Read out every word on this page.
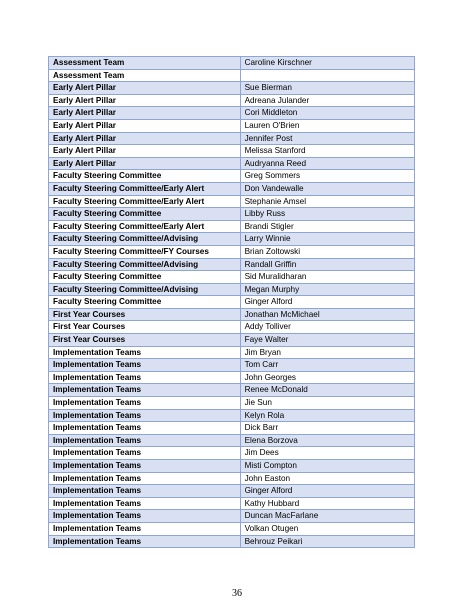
Assessment Team	Caroline Kirschner
Assessment Team	
Early Alert Pillar	Sue Bierman
Early Alert Pillar	Adreana Julander
Early Alert Pillar	Cori Middleton
Early Alert Pillar	Lauren O'Brien
Early Alert Pillar	Jennifer Post
Early Alert Pillar	Melissa Stanford
Early Alert Pillar	Audryanna Reed
Faculty Steering Committee	Greg Sommers
Faculty Steering Committee/Early Alert	Don Vandewalle
Faculty Steering Committee/Early Alert	Stephanie Amsel
Faculty Steering Committee	Libby Russ
Faculty Steering Committee/Early Alert	Brandi Stigler
Faculty Steering Committee/Advising	Larry Winnie
Faculty Steering Committee/FY Courses	Brian Zoltowski
Faculty Steering Committee/Advising	Randall Griffin
Faculty Steering Committee	Sid Muralidharan
Faculty Steering Committee/Advising	Megan Murphy
Faculty Steering Committee	Ginger Alford
First Year Courses	Jonathan McMichael
First Year Courses	Addy Tolliver
First Year Courses	Faye Walter
Implementation Teams	Jim Bryan
Implementation Teams	Tom Carr
Implementation Teams	John Georges
Implementation Teams	Renee McDonald
Implementation Teams	Jie Sun
Implementation Teams	Kelyn Rola
Implementation Teams	Dick Barr
Implementation Teams	Elena Borzova
Implementation Teams	Jim Dees
Implementation Teams	Misti Compton
Implementation Teams	John Easton
Implementation Teams	Ginger Alford
Implementation Teams	Kathy Hubbard
Implementation Teams	Duncan MacFarlane
Implementation Teams	Volkan Otugen
Implementation Teams	Behrouz Peikari
36
